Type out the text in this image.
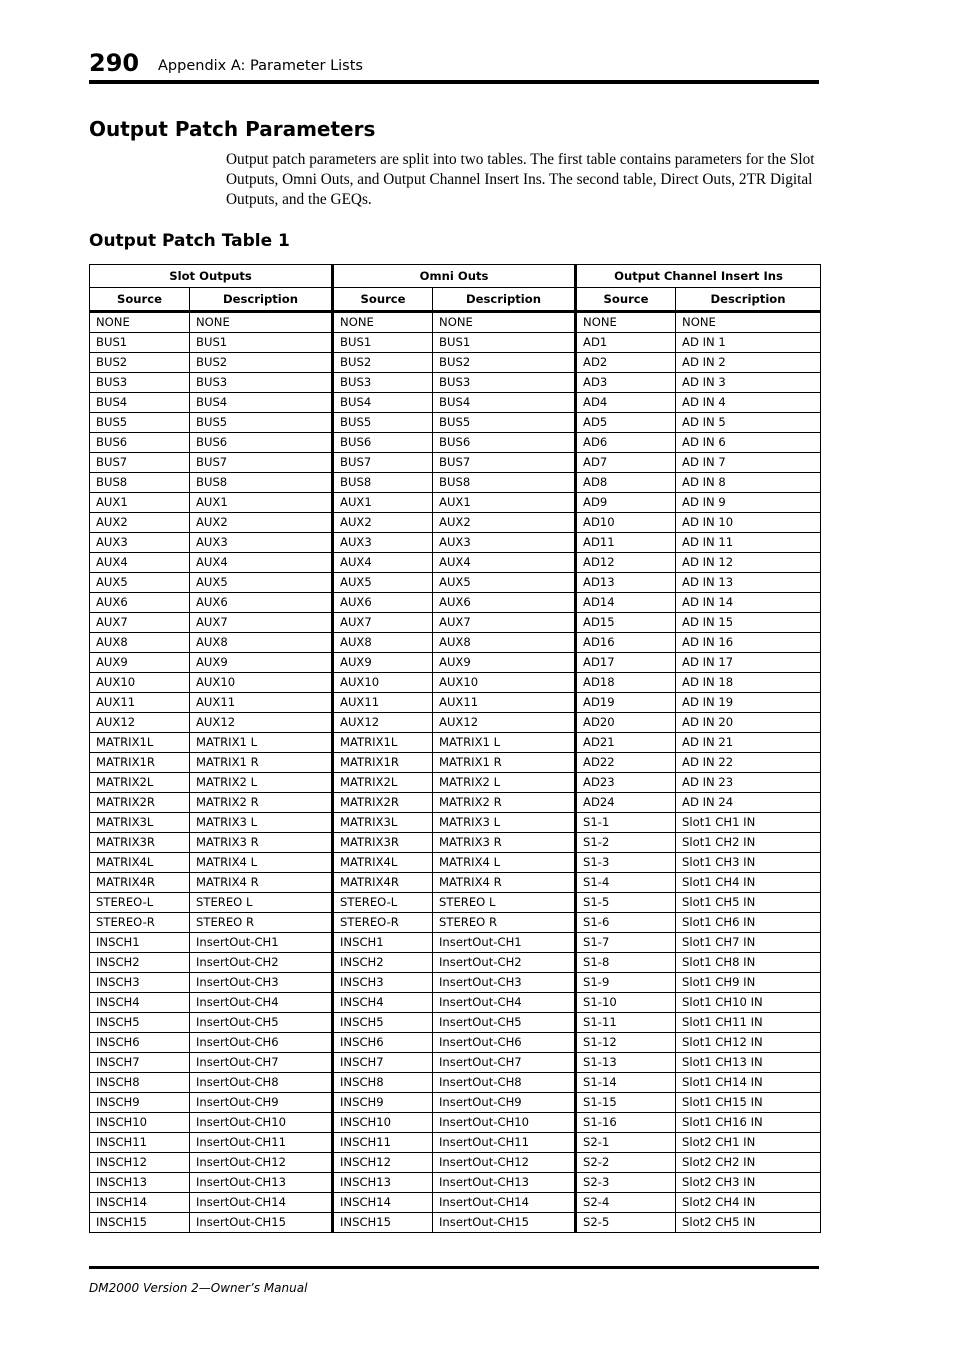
290 Appendix A: Parameter Lists
Output Patch Parameters

Output patch parameters are split into two tables. The first table contains parameters for the Slot Outputs, Omni Outs, and Output Channel Insert Ins. The second table, Direct Outs, 2TR Digital Outputs, and the GEQs.

Output Patch Table 1
Slot Outputs		Omni Outs		Output Channel Insert Ins	
Source	Description	Source	Description	Source	Description
NONE	NONE	NONE	NONE	NONE	NONE
BUS1	BUS1	BUS1	BUS1	AD1	AD IN 1
BUS2	BUS2	BUS2	BUS2	AD2	AD IN 2
BUS3	BUS3	BUS3	BUS3	AD3	AD IN 3
BUS4	BUS4	BUS4	BUS4	AD4	AD IN 4
BUS5	BUS5	BUS5	BUS5	AD5	AD IN 5
BUS6	BUS6	BUS6	BUS6	AD6	AD IN 6
BUS7	BUS7	BUS7	BUS7	AD7	AD IN 7
BUS8	BUS8	BUS8	BUS8	AD8	AD IN 8
AUX1	AUX1	AUX1	AUX1	AD9	AD IN 9
AUX2	AUX2	AUX2	AUX2	AD10	AD IN 10
AUX3	AUX3	AUX3	AUX3	AD11	AD IN 11
AUX4	AUX4	AUX4	AUX4	AD12	AD IN 12
AUX5	AUX5	AUX5	AUX5	AD13	AD IN 13
AUX6	AUX6	AUX6	AUX6	AD14	AD IN 14
AUX7	AUX7	AUX7	AUX7	AD15	AD IN 15
AUX8	AUX8	AUX8	AUX8	AD16	AD IN 16
AUX9	AUX9	AUX9	AUX9	AD17	AD IN 17
AUX10	AUX10	AUX10	AUX10	AD18	AD IN 18
AUX11	AUX11	AUX11	AUX11	AD19	AD IN 19
AUX12	AUX12	AUX12	AUX12	AD20	AD IN 20
MATRIX1L	MATRIX1 L	MATRIX1L	MATRIX1 L	AD21	AD IN 21
MATRIX1R	MATRIX1 R	MATRIX1R	MATRIX1 R	AD22	AD IN 22
MATRIX2L	MATRIX2 L	MATRIX2L	MATRIX2 L	AD23	AD IN 23
MATRIX2R	MATRIX2 R	MATRIX2R	MATRIX2 R	AD24	AD IN 24
MATRIX3L	MATRIX3 L	MATRIX3L	MATRIX3 L	S1-1	Slot1 CH1 IN
MATRIX3R	MATRIX3 R	MATRIX3R	MATRIX3 R	S1-2	Slot1 CH2 IN
MATRIX4L	MATRIX4 L	MATRIX4L	MATRIX4 L	S1-3	Slot1 CH3 IN
MATRIX4R	MATRIX4 R	MATRIX4R	MATRIX4 R	S1-4	Slot1 CH4 IN
STEREO-L	STEREO L	STEREO-L	STEREO L	S1-5	Slot1 CH5 IN
STEREO-R	STEREO R	STEREO-R	STEREO R	S1-6	Slot1 CH6 IN
INSCH1	InsertOut-CH1	INSCH1	InsertOut-CH1	S1-7	Slot1 CH7 IN
INSCH2	InsertOut-CH2	INSCH2	InsertOut-CH2	S1-8	Slot1 CH8 IN
INSCH3	InsertOut-CH3	INSCH3	InsertOut-CH3	S1-9	Slot1 CH9 IN
INSCH4	InsertOut-CH4	INSCH4	InsertOut-CH4	S1-10	Slot1 CH10 IN
INSCH5	InsertOut-CH5	INSCH5	InsertOut-CH5	S1-11	Slot1 CH11 IN
INSCH6	InsertOut-CH6	INSCH6	InsertOut-CH6	S1-12	Slot1 CH12 IN
INSCH7	InsertOut-CH7	INSCH7	InsertOut-CH7	S1-13	Slot1 CH13 IN
INSCH8	InsertOut-CH8	INSCH8	InsertOut-CH8	S1-14	Slot1 CH14 IN
INSCH9	InsertOut-CH9	INSCH9	InsertOut-CH9	S1-15	Slot1 CH15 IN
INSCH10	InsertOut-CH10	INSCH10	InsertOut-CH10	S1-16	Slot1 CH16 IN
INSCH11	InsertOut-CH11	INSCH11	InsertOut-CH11	S2-1	Slot2 CH1 IN
INSCH12	InsertOut-CH12	INSCH12	InsertOut-CH12	S2-2	Slot2 CH2 IN
INSCH13	InsertOut-CH13	INSCH13	InsertOut-CH13	S2-3	Slot2 CH3 IN
INSCH14	InsertOut-CH14	INSCH14	InsertOut-CH14	S2-4	Slot2 CH4 IN
INSCH15	InsertOut-CH15	INSCH15	InsertOut-CH15	S2-5	Slot2 CH5 IN
DM2000 Version 2—Owner’s Manual
